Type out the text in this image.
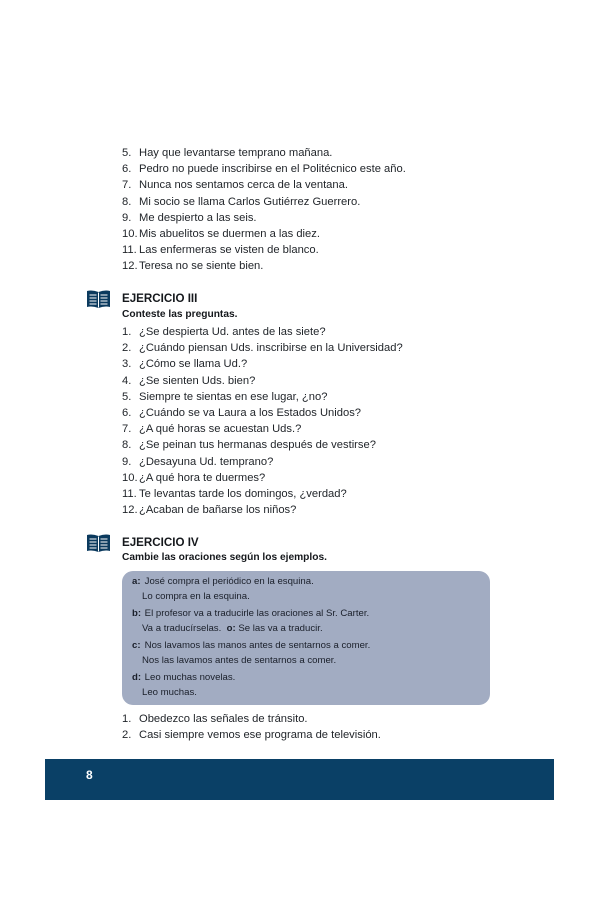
5. Hay que levantarse temprano mañana.
6. Pedro no puede inscribirse en el Politécnico este año.
7. Nunca nos sentamos cerca de la ventana.
8. Mi socio se llama Carlos Gutiérrez Guerrero.
9. Me despierto a las seis.
10.Mis abuelitos se duermen a las diez.
11. Las enfermeras se visten de blanco.
12.Teresa no se siente bien.
EJERCICIO III
Conteste las preguntas.
1. ¿Se despierta Ud. antes de las siete?
2. ¿Cuándo piensan Uds. inscribirse en la Universidad?
3. ¿Cómo se llama Ud.?
4. ¿Se sienten Uds. bien?
5. Siempre te sientas en ese lugar, ¿no?
6. ¿Cuándo se va Laura a los Estados Unidos?
7. ¿A qué horas se acuestan Uds.?
8. ¿Se peinan tus hermanas después de vestirse?
9. ¿Desayuna Ud. temprano?
10.¿A qué hora te duermes?
11. Te levantas tarde los domingos, ¿verdad?
12.¿Acaban de bañarse los niños?
EJERCICIO IV
Cambie las oraciones según los ejemplos.
a: José compra el periódico en la esquina.
Lo compra en la esquina.
b: El profesor va a traducirle las oraciones al Sr. Carter.
Va a traducírselas. o: Se las va a traducir.
c: Nos lavamos las manos antes de sentarnos a comer.
Nos las lavamos antes de sentarnos a comer.
d: Leo muchas novelas.
Leo muchas.
1. Obedezco las señales de tránsito.
2. Casi siempre vemos ese programa de televisión.
8
